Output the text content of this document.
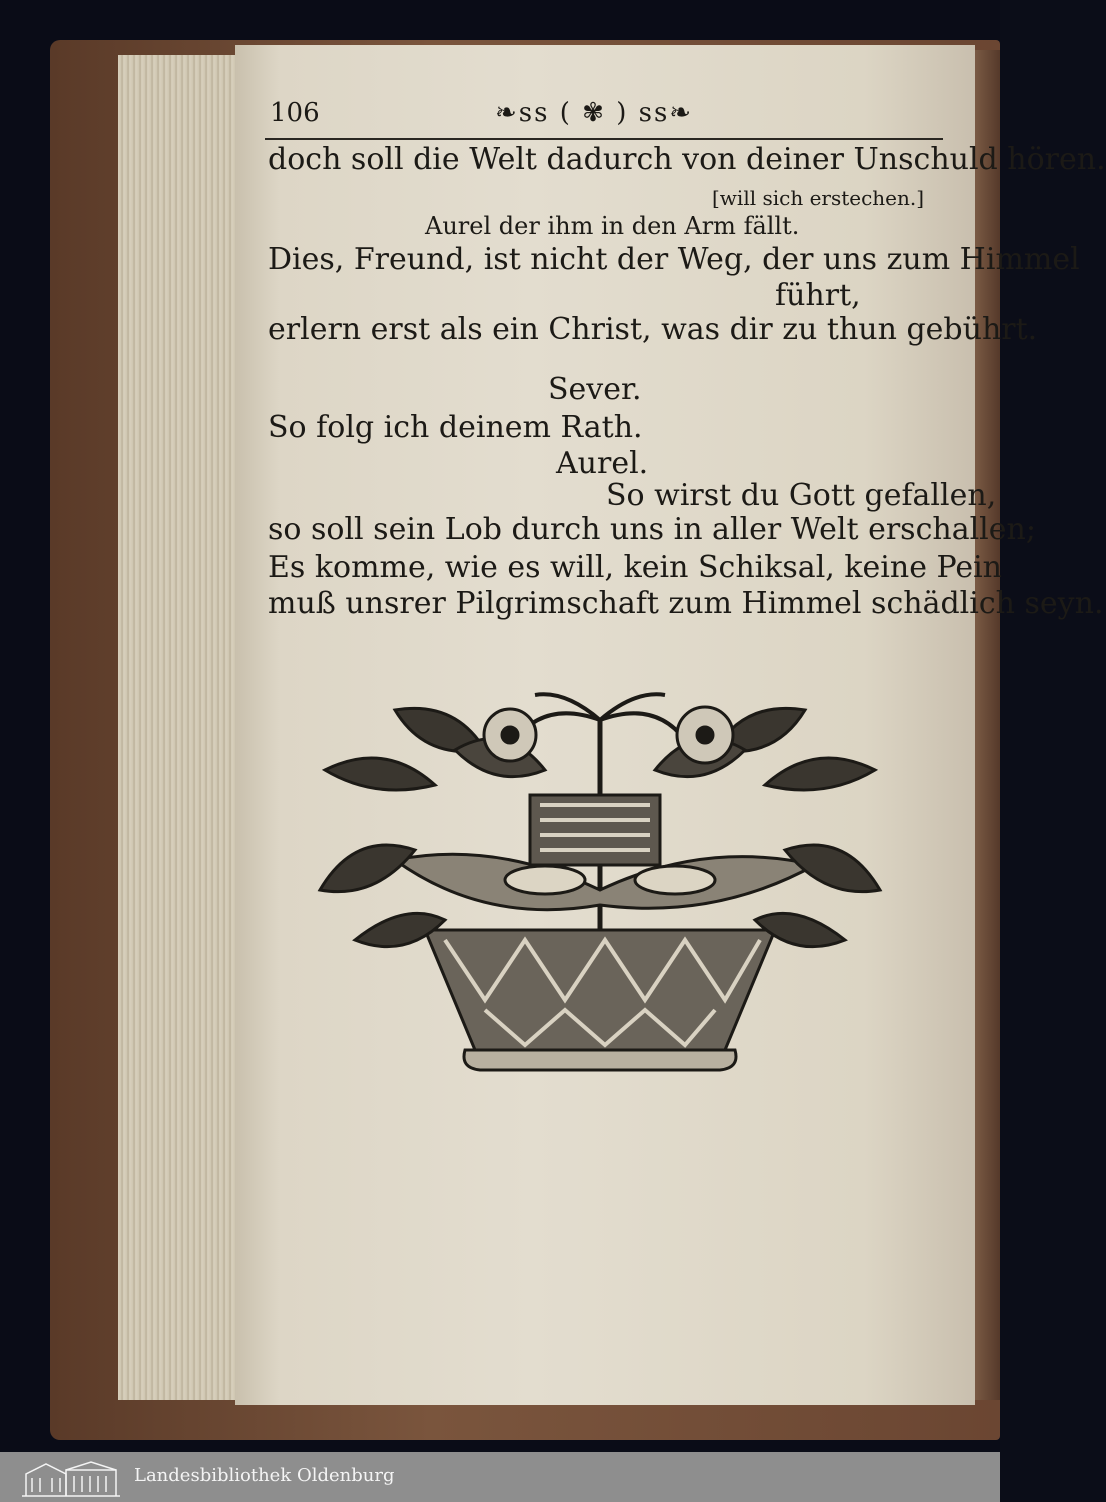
106	❧ss ( ✾ ) ss❧
doch soll die Welt dadurch von deiner Unschuld hören.
[will sich erstechen.]
Aurel der ihm in den Arm fällt.
Dies, Freund, ist nicht der Weg, der uns zum Himmel
führt,
erlern erst als ein Christ, was dir zu thun gebührt.
Sever.
So folg ich deinem Rath.
Aurel.
So wirst du Gott gefallen,
so soll sein Lob durch uns in aller Welt erschallen;
Es komme, wie es will, kein Schiksal, keine Pein
muß unsrer Pilgrimschaft zum Himmel schädlich seyn.
Landesbibliothek Oldenburg
